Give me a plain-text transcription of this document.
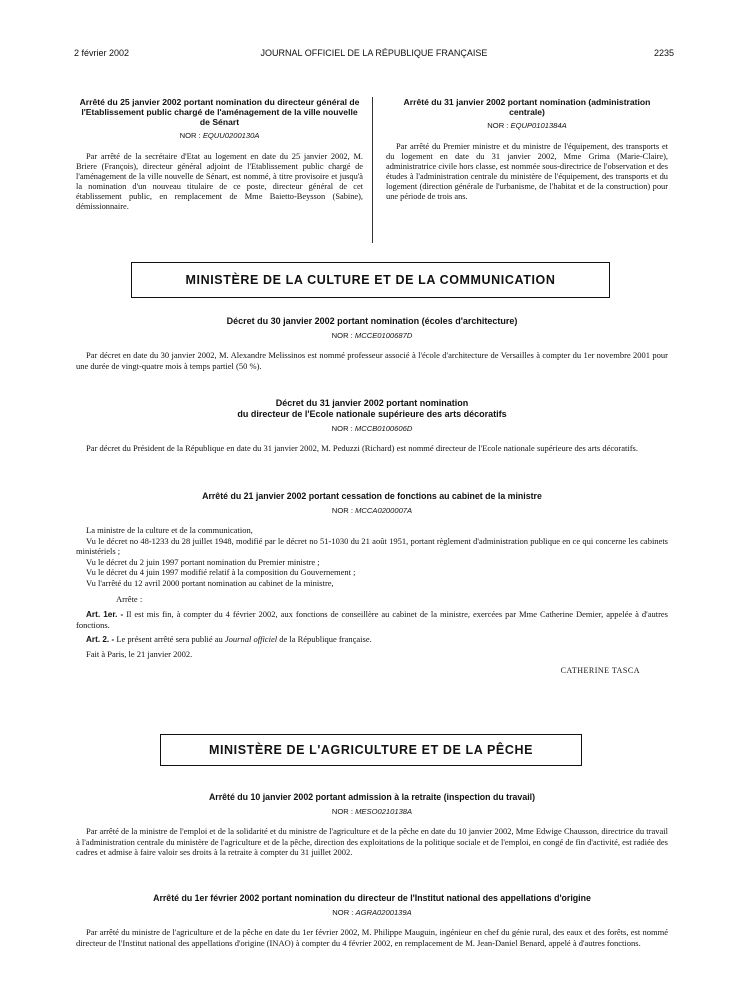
2 février 2002	JOURNAL OFFICIEL DE LA RÉPUBLIQUE FRANÇAISE	2235

Arrêté du 25 janvier 2002 portant nomination du directeur général de l'Etablissement public chargé de l'aménagement de la ville nouvelle de Sénart

NOR : EQUU0200130A

Par arrêté de la secrétaire d'Etat au logement en date du 25 janvier 2002, M. Briere (François), directeur général adjoint de l'Etablissement public chargé de l'aménagement de la ville nouvelle de Sénart, est nommé, à titre provisoire et jusqu'à la nomination d'un nouveau titulaire de ce poste, directeur général de cet établissement public, en remplacement de Mme Baietto-Beysson (Sabine), démissionnaire.

Arrêté du 31 janvier 2002 portant nomination (administration centrale)

NOR : EQUP0101384A

Par arrêté du Premier ministre et du ministre de l'équipement, des transports et du logement en date du 31 janvier 2002, Mme Grima (Marie-Claire), administratrice civile hors classe, est nommée sous-directrice de l'observation et des études à l'administration centrale du ministère de l'équipement, des transports et du logement (direction générale de l'urbanisme, de l'habitat et de la construction) pour une période de trois ans.

MINISTÈRE DE LA CULTURE ET DE LA COMMUNICATION

Décret du 30 janvier 2002 portant nomination (écoles d'architecture)

NOR : MCCE0100687D

Par décret en date du 30 janvier 2002, M. Alexandre Melissinos est nommé professeur associé à l'école d'architecture de Versailles à compter du 1er novembre 2001 pour une durée de vingt-quatre mois à temps partiel (50 %).

Décret du 31 janvier 2002 portant nomination

du directeur de l'Ecole nationale supérieure des arts décoratifs

NOR : MCCB0100606D

Par décret du Président de la République en date du 31 janvier 2002, M. Peduzzi (Richard) est nommé directeur de l'Ecole nationale supérieure des arts décoratifs.

Arrêté du 21 janvier 2002 portant cessation de fonctions au cabinet de la ministre

NOR : MCCA0200007A

La ministre de la culture et de la communication,

Vu le décret no 48-1233 du 28 juillet 1948, modifié par le décret no 51-1030 du 21 août 1951, portant règlement d'administration publique en ce qui concerne les cabinets ministériels ;

Vu le décret du 2 juin 1997 portant nomination du Premier ministre ;

Vu le décret du 4 juin 1997 modifié relatif à la composition du Gouvernement ;

Vu l'arrêté du 12 avril 2000 portant nomination au cabinet de la ministre,

Arrête :

Art. 1er. - Il est mis fin, à compter du 4 février 2002, aux fonctions de conseillère au cabinet de la ministre, exercées par Mme Catherine Demier, appelée à d'autres fonctions.

Art. 2. - Le présent arrêté sera publié au Journal officiel de la République française.

Fait à Paris, le 21 janvier 2002.

CATHERINE TASCA

MINISTÈRE DE L'AGRICULTURE ET DE LA PÊCHE

Arrêté du 10 janvier 2002 portant admission à la retraite (inspection du travail)

NOR : MESO0210138A

Par arrêté de la ministre de l'emploi et de la solidarité et du ministre de l'agriculture et de la pêche en date du 10 janvier 2002, Mme Edwige Chausson, directrice du travail à l'administration centrale du ministère de l'agriculture et de la pêche, direction des exploitations de la politique sociale et de l'emploi, en congé de fin d'activité, est radiée des cadres et admise à faire valoir ses droits à la retraite à compter du 31 juillet 2002.

Arrêté du 1er février 2002 portant nomination du directeur de l'Institut national des appellations d'origine

NOR : AGRA0200139A

Par arrêté du ministre de l'agriculture et de la pêche en date du 1er février 2002, M. Philippe Mauguin, ingénieur en chef du génie rural, des eaux et des forêts, est nommé directeur de l'Institut national des appellations d'origine (INAO) à compter du 4 février 2002, en remplacement de M. Jean-Daniel Benard, appelé à d'autres fonctions.
